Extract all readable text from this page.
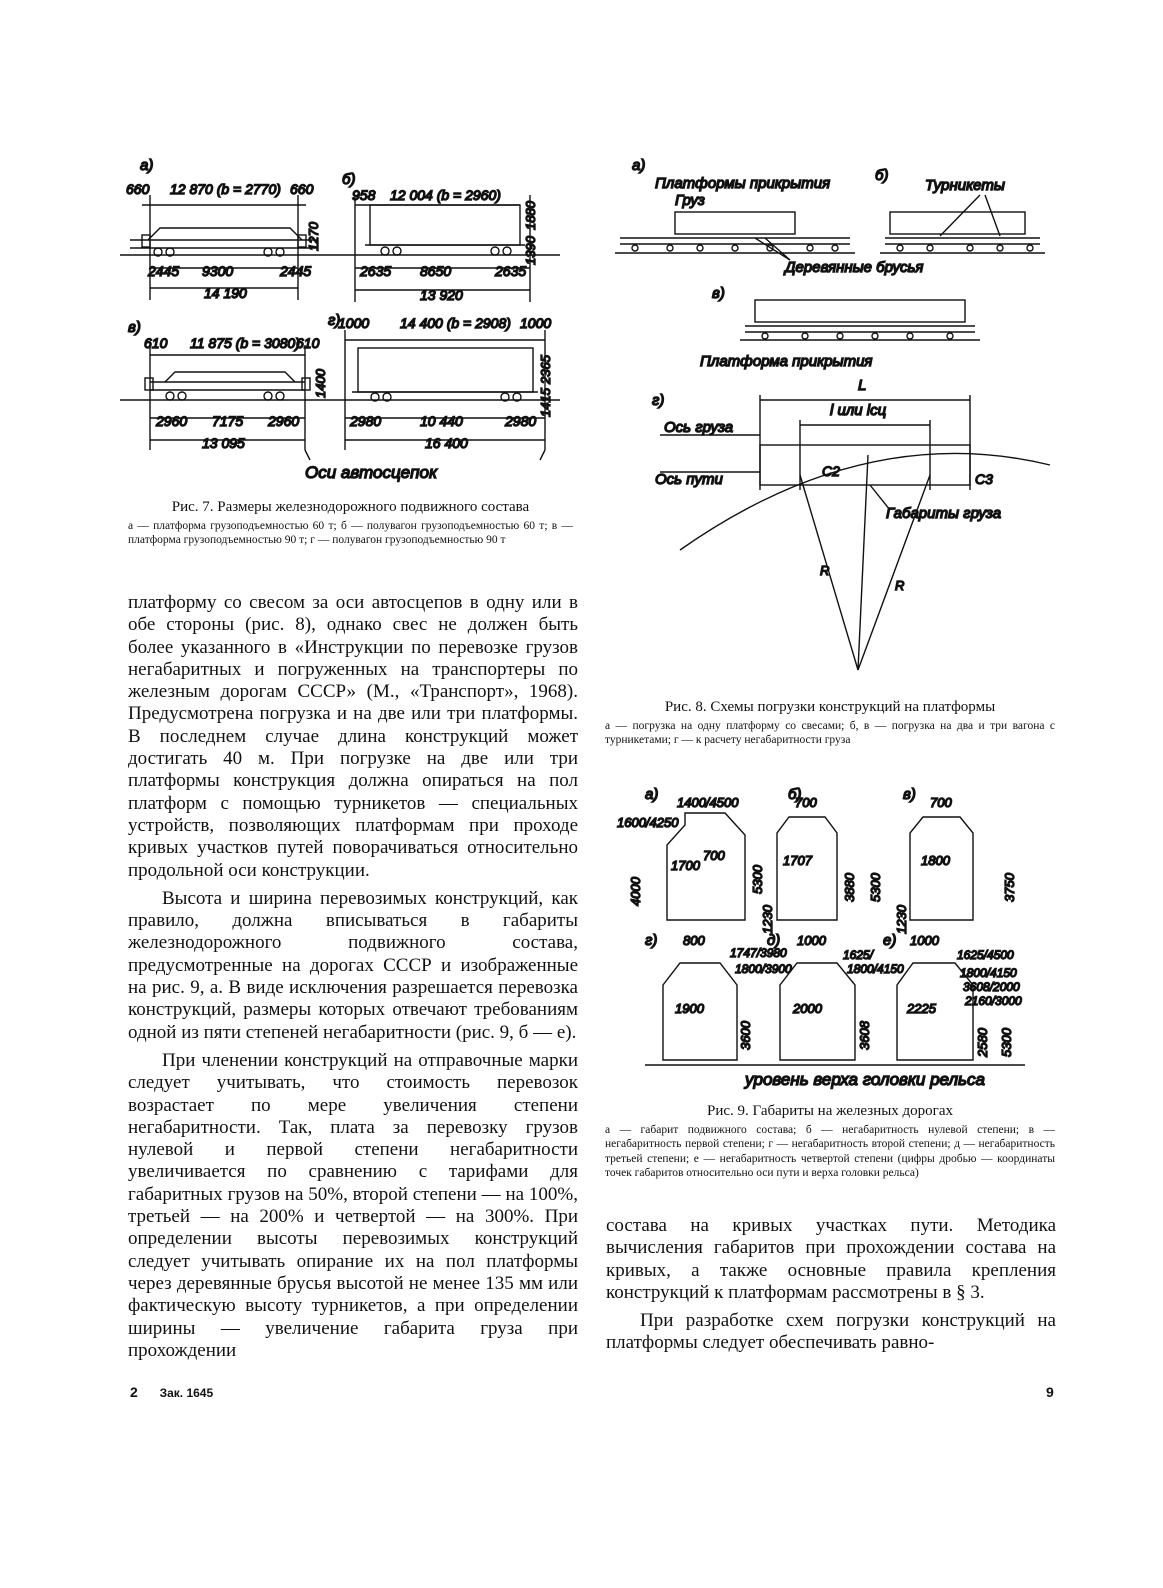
а)
660 12 870 (b = 2770) 660
1270
2445 9300	2445
14 190
б)
958 12 004 (b = 2960)
1390
1880
2635 8650	2635
13 920
в)
610 11 875 (b = 3080)
610
1400
2960 7175 2960
13 095
г)
1000 14 400 (b = 2908) 1000
1415
2365
2980	10 440	2980
16 400
Оси автосцепок
Рис. 7. Размеры железнодорожного подвижного состава
а — платформа грузоподъемностью 60 т; б — полувагон грузоподъемностью 60 т; в — платформа грузоподъемностью 90 т; г — полувагон грузоподъемностью 90 т
а)
Платформы прикрытия
Груз
б)
Турникеты
Деревянные брусья
в)
Платформа прикрытия
г)
L
l или lсц
Ось груза
Ось пути	C2	C3
Габариты груза
R
R
Рис. 8. Схемы погрузки конструкций на платформы
а — погрузка на одну платформу со свесами; б, в — погрузка на два и три вагона с турникетами; г — к расчету негабаритности груза
а) 1400/4500
1600/4250
1700
700
4000	5300
б)
700
1707
1230
3880 5300
в) 700
1800
1230
3750
г) 800
1747/3980
1800/3900
1900
3600
д) 1000
1625/
1800/4150
2000
3608
е) 1000
1625/4500
1800/4150
3608/2000
2160/3000
2225
2580 5300
уровень верха головки рельса
Рис. 9. Габариты на железных дорогах
а — габарит подвижного состава; б — негабаритность нулевой степени; в — негабаритность первой степени; г — негабаритность второй степени; д — негабаритность третьей степени; е — негабаритность четвертой степени (цифры дробью — координаты точек габаритов относительно оси пути и верха головки рельса)

платформу со свесом за оси автосцепов в одну или в обе стороны (рис. 8), однако свес не должен быть более указанного в «Инструкции по перевозке грузов негабаритных и погруженных на транспортеры по железным дорогам СССР» (М., «Транспорт», 1968). Предусмотрена погрузка и на две или три платформы. В последнем случае длина конструкций может достигать 40 м. При погрузке на две или три платформы конструкция должна опираться на пол платформ с помощью турникетов — специальных устройств, позволяющих платформам при проходе кривых участков путей поворачиваться относительно продольной оси конструкции.

Высота и ширина перевозимых конструкций, как правило, должна вписываться в габариты железнодорожного подвижного состава, предусмотренные на дорогах СССР и изображенные на рис. 9, а. В виде исключения разрешается перевозка конструкций, размеры которых отвечают требованиям одной из пяти степеней негабаритности (рис. 9, б — е).

При членении конструкций на отправочные марки следует учитывать, что стоимость перевозок возрастает по мере увеличения степени негабаритности. Так, плата за перевозку грузов нулевой и первой степени негабаритности увеличивается по сравнению с тарифами для габаритных грузов на 50%, второй степени — на 100%, третьей — на 200% и четвертой — на 300%. При определении высоты перевозимых конструкций следует учитывать опирание их на пол платформы через деревянные брусья высотой не менее 135 мм или фактическую высоту турникетов, а при определении ширины — увеличение габарита груза при прохождении

состава на кривых участках пути. Методика вычисления габаритов при прохождении состава на кривых, а также основные правила крепления конструкций к платформам рассмотрены в § 3.

При разработке схем погрузки конструкций на платформы следует обеспечивать равно-

2 Зак. 1645	9
